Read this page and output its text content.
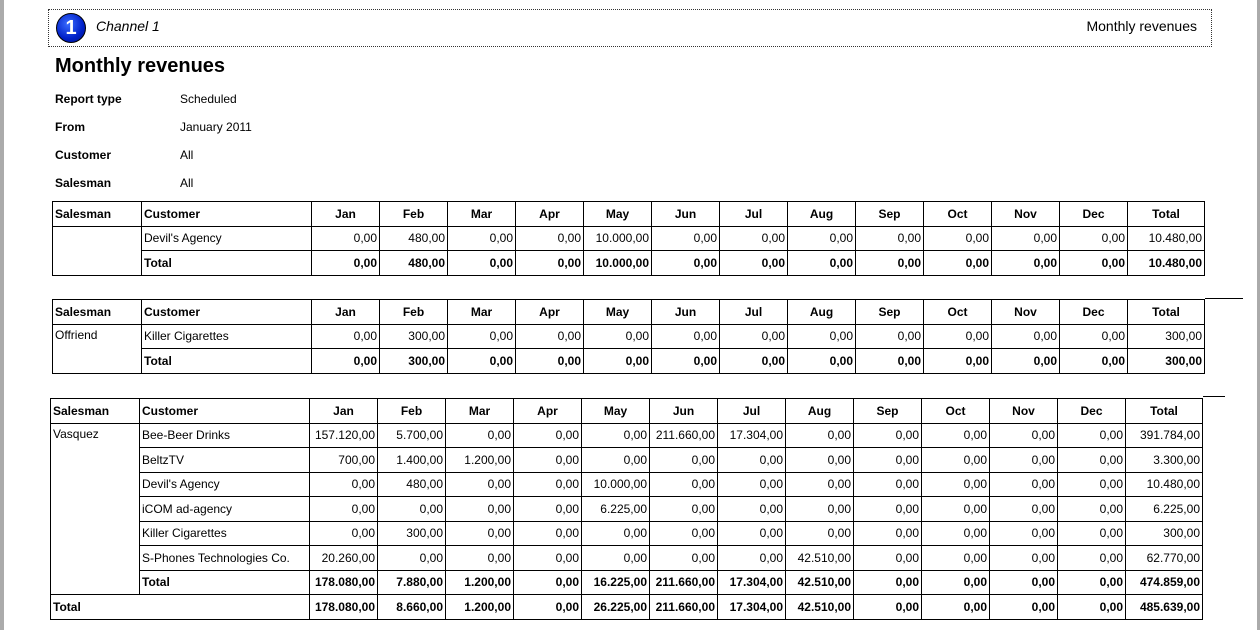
1	Channel 1	Monthly revenues
Monthly revenues
Report type	Scheduled
From	January 2011
Customer	All
Salesman	All
Salesman	Customer	Jan	Feb	Mar	Apr	May	Jun	Jul	Aug	Sep	Oct	Nov	Dec	Total
	Devil's Agency	0,00	480,00	0,00	0,00	10.000,00	0,00	0,00	0,00	0,00	0,00	0,00	0,00	10.480,00
	Total	0,00	480,00	0,00	0,00	10.000,00	0,00	0,00	0,00	0,00	0,00	0,00	0,00	10.480,00
Salesman	Customer	Jan	Feb	Mar	Apr	May	Jun	Jul	Aug	Sep	Oct	Nov	Dec	Total
Offriend	Killer Cigarettes	0,00	300,00	0,00	0,00	0,00	0,00	0,00	0,00	0,00	0,00	0,00	0,00	300,00
	Total	0,00	300,00	0,00	0,00	0,00	0,00	0,00	0,00	0,00	0,00	0,00	0,00	300,00
Salesman	Customer	Jan	Feb	Mar	Apr	May	Jun	Jul	Aug	Sep	Oct	Nov	Dec	Total
Vasquez	Bee-Beer Drinks	157.120,00	5.700,00	0,00	0,00	0,00	211.660,00	17.304,00	0,00	0,00	0,00	0,00	0,00	391.784,00
	BeltzTV	700,00	1.400,00	1.200,00	0,00	0,00	0,00	0,00	0,00	0,00	0,00	0,00	0,00	3.300,00
	Devil's Agency	0,00	480,00	0,00	0,00	10.000,00	0,00	0,00	0,00	0,00	0,00	0,00	0,00	10.480,00
	iCOM ad-agency	0,00	0,00	0,00	0,00	6.225,00	0,00	0,00	0,00	0,00	0,00	0,00	0,00	6.225,00
	Killer Cigarettes	0,00	300,00	0,00	0,00	0,00	0,00	0,00	0,00	0,00	0,00	0,00	0,00	300,00
	S-Phones Technologies Co.	20.260,00	0,00	0,00	0,00	0,00	0,00	0,00	42.510,00	0,00	0,00	0,00	0,00	62.770,00
	Total	178.080,00	7.880,00	1.200,00	0,00	16.225,00	211.660,00	17.304,00	42.510,00	0,00	0,00	0,00	0,00	474.859,00
Total		178.080,00	8.660,00	1.200,00	0,00	26.225,00	211.660,00	17.304,00	42.510,00	0,00	0,00	0,00	0,00	485.639,00
